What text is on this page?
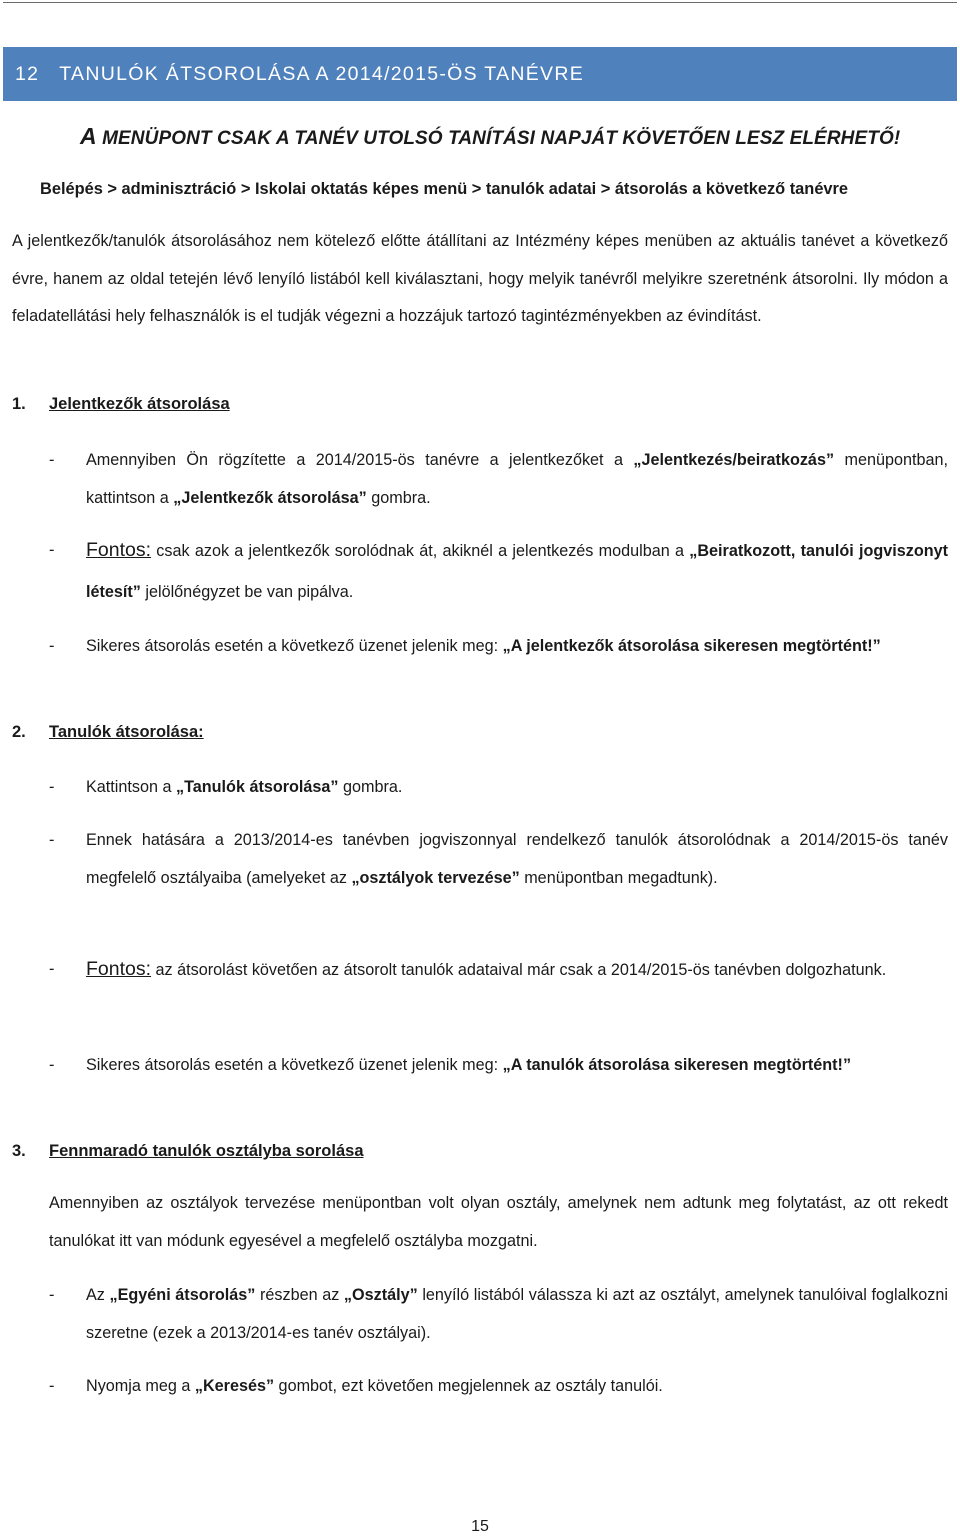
12 TANULÓK ÁTSOROLÁSA A 2014/2015-ÖS TANÉVRE
A MENÜPONT CSAK A TANÉV UTOLSÓ TANÍTÁSI NAPJÁT KÖVETŐEN LESZ ELÉRHETŐ!
Belépés > adminisztráció > Iskolai oktatás képes menü > tanulók adatai > átsorolás a következő tanévre

A jelentkezők/tanulók átsorolásához nem kötelező előtte átállítani az Intézmény képes menüben az aktuális tanévet a következő évre, hanem az oldal tetején lévő lenyíló listából kell kiválasztani, hogy melyik tanévről melyikre szeretnénk átsorolni. Ily módon a feladatellátási hely felhasználók is el tudják végezni a hozzájuk tartozó tagintézményekben az évindítást.

1. Jelentkezők átsorolása
- Amennyiben Ön rögzítette a 2014/2015-ös tanévre a jelentkezőket a „Jelentkezés/beiratkozás” menüpontban, kattintson a „Jelentkezők átsorolása” gombra.
- Fontos: csak azok a jelentkezők sorolódnak át, akiknél a jelentkezés modulban a „Beiratkozott, tanulói jogviszonyt létesít” jelölőnégyzet be van pipálva.
- Sikeres átsorolás esetén a következő üzenet jelenik meg: „A jelentkezők átsorolása sikeresen megtörtént!”
2. Tanulók átsorolása:
- Kattintson a „Tanulók átsorolása” gombra.
- Ennek hatására a 2013/2014-es tanévben jogviszonnyal rendelkező tanulók átsorolódnak a 2014/2015-ös tanév megfelelő osztályaiba (amelyeket az „osztályok tervezése” menüpontban megadtunk).
- Fontos: az átsorolást követően az átsorolt tanulók adataival már csak a 2014/2015-ös tanévben dolgozhatunk.
- Sikeres átsorolás esetén a következő üzenet jelenik meg: „A tanulók átsorolása sikeresen megtörtént!”
3. Fennmaradó tanulók osztályba sorolása

Amennyiben az osztályok tervezése menüpontban volt olyan osztály, amelynek nem adtunk meg folytatást, az ott rekedt tanulókat itt van módunk egyesével a megfelelő osztályba mozgatni.

- Az „Egyéni átsorolás” részben az „Osztály” lenyíló listából válassza ki azt az osztályt, amelynek tanulóival foglalkozni szeretne (ezek a 2013/2014-es tanév osztályai).
- Nyomja meg a „Keresés” gombot, ezt követően megjelennek az osztály tanulói.
15
